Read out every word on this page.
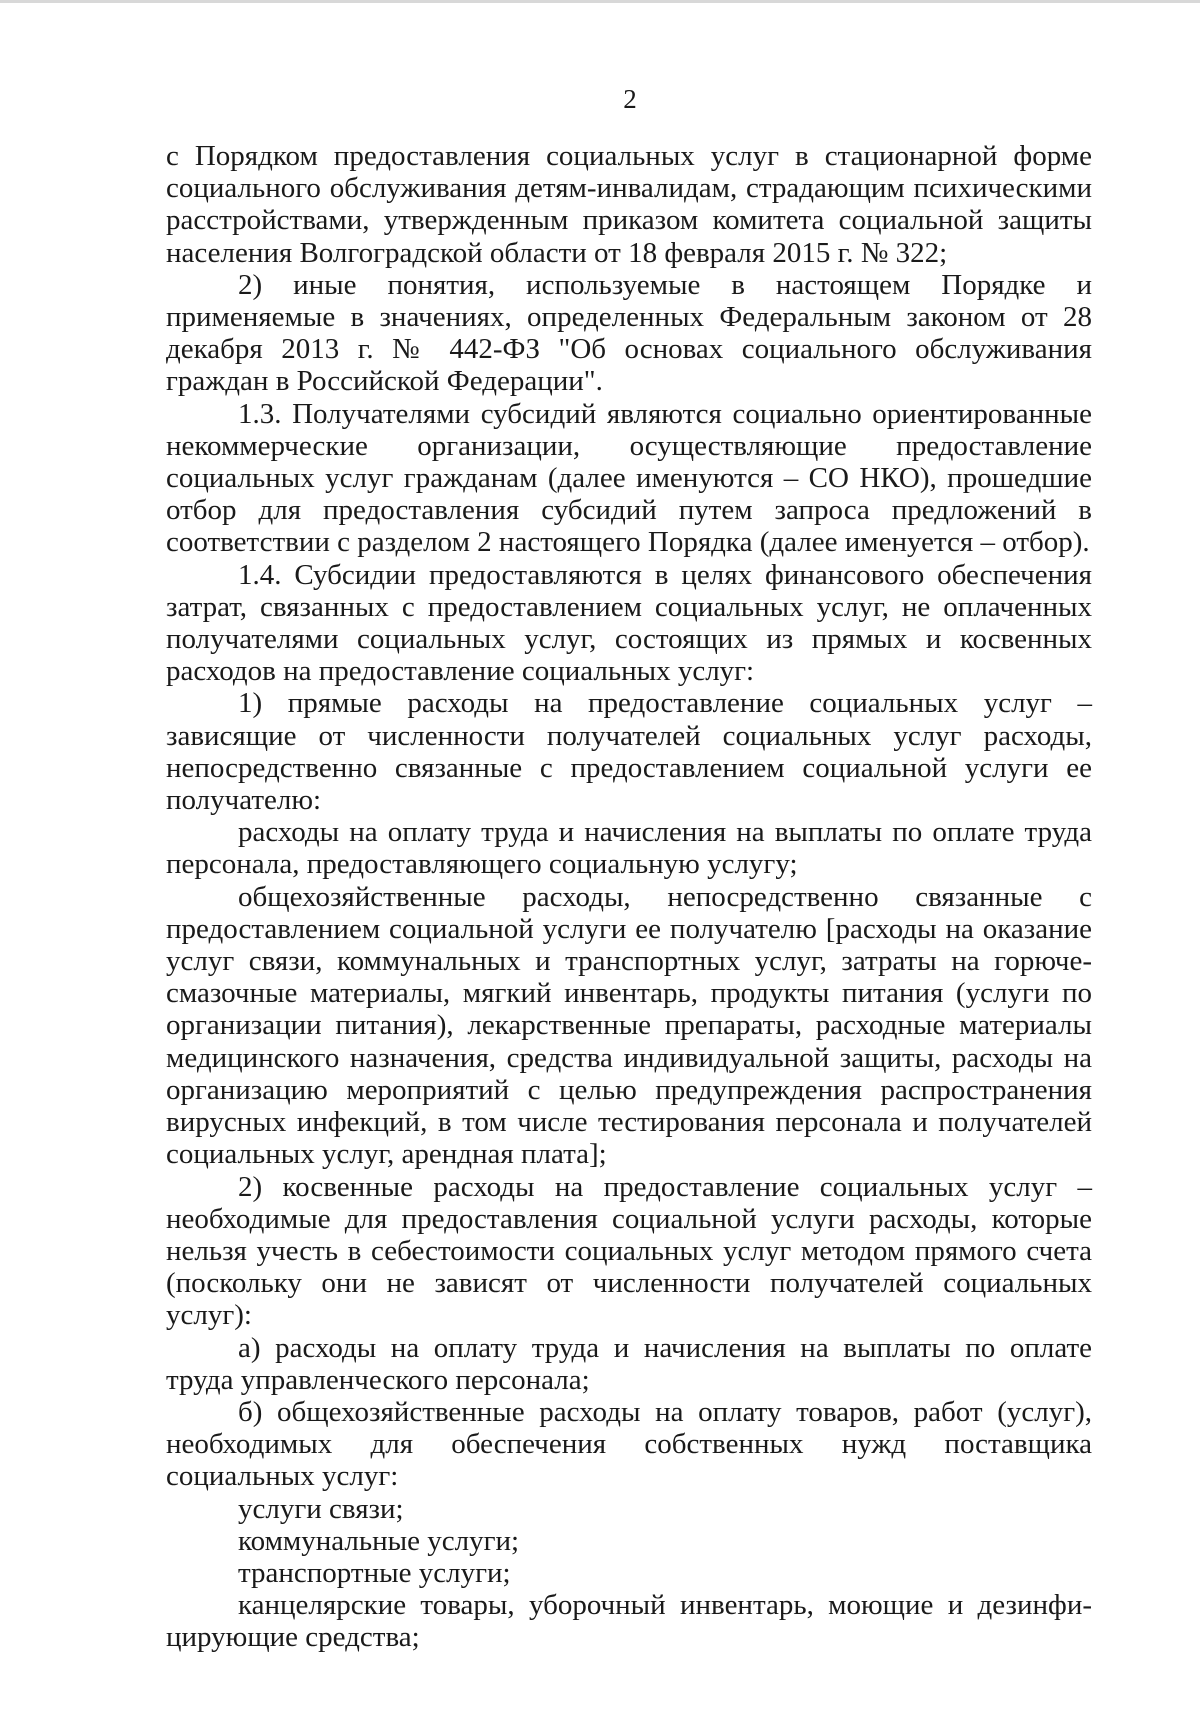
2

с Порядком предоставления социальных услуг в стационарной форме социального обслуживания детям-инвалидам, страдающим психическими расстройствами, утвержденным приказом комитета социальной защиты населения Волгоградской области от 18 февраля 2015 г. № 322;

2) иные понятия, используемые в настоящем Порядке и применяемые в значениях, определенных Федеральным законом от 28 декабря 2013 г. № 442-ФЗ "Об основах социального обслуживания граждан в Российской Федерации".

1.3. Получателями субсидий являются социально ориентированные некоммерческие организации, осуществляющие предоставление социальных услуг гражданам (далее именуются – СО НКО), прошедшие отбор для предоставления субсидий путем запроса предложений в соответствии с разделом 2 настоящего Порядка (далее именуется – отбор).

1.4. Субсидии предоставляются в целях финансового обеспечения затрат, связанных с предоставлением социальных услуг, не оплаченных получателями социальных услуг, состоящих из прямых и косвенных расходов на предоставление социальных услуг:

1) прямые расходы на предоставление социальных услуг – зависящие от численности получателей социальных услуг расходы, непосредственно связанные с предоставлением социальной услуги ее получателю:

расходы на оплату труда и начисления на выплаты по оплате труда персонала, предоставляющего социальную услугу;

общехозяйственные расходы, непосредственно связанные с предоставлением социальной услуги ее получателю [расходы на оказание услуг связи, коммунальных и транспортных услуг, затраты на горюче-смазочные материалы, мягкий инвентарь, продукты питания (услуги по организации питания), лекарственные препараты, расходные материалы медицинского назначения, средства индивидуальной защиты, расходы на организацию мероприятий с целью предупреждения распространения вирусных инфекций, в том числе тестирования персонала и получателей социальных услуг, арендная плата];

2) косвенные расходы на предоставление социальных услуг – необходимые для предоставления социальной услуги расходы, которые нельзя учесть в себестоимости социальных услуг методом прямого счета (поскольку они не зависят от численности получателей социальных услуг):

а) расходы на оплату труда и начисления на выплаты по оплате труда управленческого персонала;

б) общехозяйственные расходы на оплату товаров, работ (услуг), необходимых для обеспечения собственных нужд поставщика социальных услуг:

услуги связи;

коммунальные услуги;

транспортные услуги;

канцелярские товары, уборочный инвентарь, моющие и дезинфи-цирующие средства;
